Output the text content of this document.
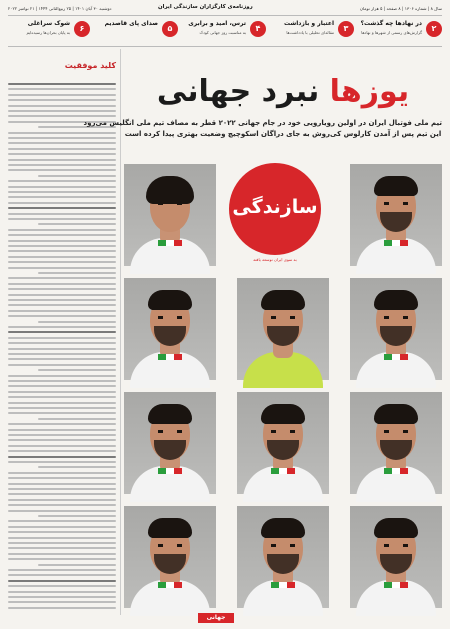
سال ۸ | شماره ۱۳۰۶ | ۸ صفحه | ۵ هزار تومان
روزنامه‌ی کارگزاران سازندگی ایران
دوشنبه ۳۰ آبان ۱۴۰۱ | ۲۵ ربیع‌الثانی ۱۴۴۴ | ۲۱ نوامبر ۲۰۲۲
۲
در نهادها چه گذشت؟
گزارش‌های رسمی از شهرها و نهادها
۳
اعتبار و بازداشت
مقاله‌ای تحلیلی با یادداشت‌ها
۴
ترس، امید و برابری
به مناسبت روز جهانی کودک
۵
صدای پای قاصدیم
۶
شوک سراغلی
به پایان بحران‌ها رسیده‌ایم
کلید موفقیت
یوزها نبرد جهانی
تیم ملی فوتبال ایران در اولین رویارویی خود در جام جهانی ۲۰۲۲ قطر به مصاف تیم ملی انگلیس می‌رود
این تیم پس از آمدن کارلوس کی‌روش به جای دراگان اسکوچیچ وضعیت بهتری پیدا کرده است
سازندگی
به سوی ایران توسعه یافته
جهانی
